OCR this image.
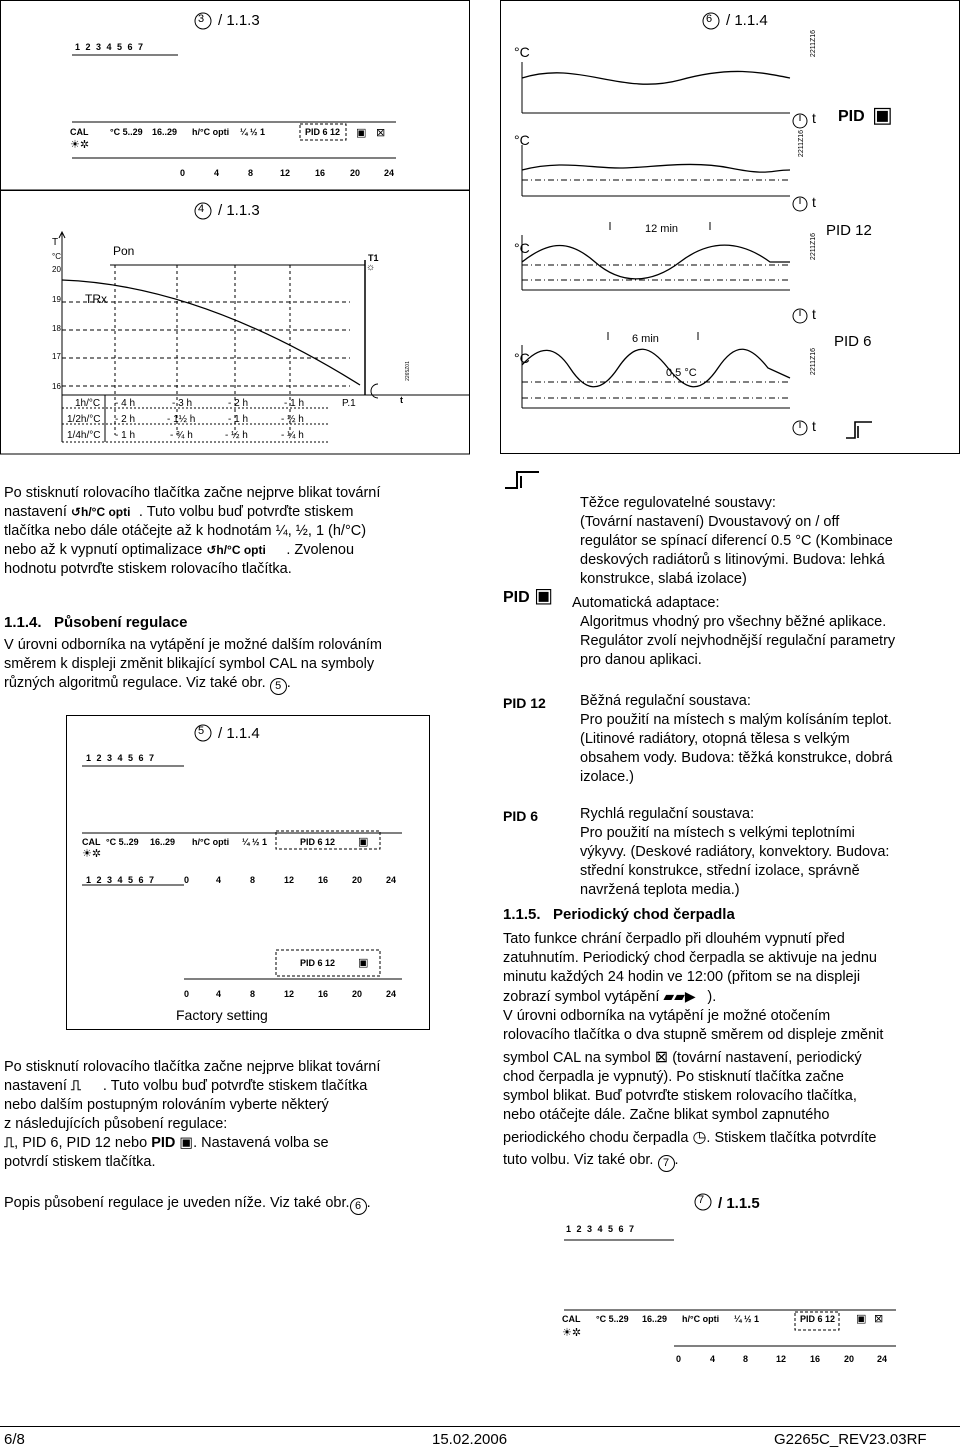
3 / 1.1.3
1 2 3 4 5 6 7
CAL °C 5..29 16..29 h/°C opti ¼ ½ 1	PID 6 12
☀✲
▣ ⊠
0	4	8	12	16	20	24
4 / 1.1.3
T
°C
20
19
18
17
16
Pon
TRx
T1
☼
t
2265Z01
P.1
1h/°C - 4 h	- 3 h	- 2 h	- 1 h
1/2h/°C - 2 h	- 1½ h	- 1 h	- ½ h
1/4h/°C - 1 h	- ¾ h	- ½ h	- ¼ h
6 / 1.1.4
°C
°C
°C
°C
t
t
t
t
2211Z16
2211Z16
2211Z16
2211Z16
PID ▣
PID 12
PID 6
12 min
6 min
0,5 °C
Po stisknutí rolovacího tlačítka začne nejprve blikat tovární
nastavení ↺h/°C opti . Tuto volbu buď potvrďte stiskem
tlačítka nebo dále otáčejte až k hodnotám ¼, ½, 1 (h/°C)
nebo až k vypnutí optimalizace ↺h/°C opti . Zvolenou
hodnotu potvrďte stiskem rolovacího tlačítka.
1.1.4. Působení regulace
V úrovni odborníka na vytápění je možné dalším rolováním
směrem k displeji změnit blikající symbol CAL na symboly
různých algoritmů regulace. Viz také obr. 5 .
5 / 1.1.4
1 2 3 4 5 6 7
CAL °C 5..29 16..29 h/°C opti ¼ ½ 1	PID 6 12 ▣
☀✲
1 2 3 4 5 6 7	0	4	8	12	16	20	24
PID 6 12 ▣
0	4	8	12	16	20	24
Factory setting
Po stisknutí rolovacího tlačítka začne nejprve blikat tovární
nastavení ⎍ . Tuto volbu buď potvrďte stiskem tlačítka
nebo dalším postupným rolováním vyberte některý
z následujících působení regulace:
⎍, PID 6, PID 12 nebo PID ▣. Nastavená volba se
potvrdí stiskem tlačítka.
Popis působení regulace je uveden níže. Viz také obr. 6 .
Těžce regulovatelné soustavy:
(Tovární nastavení) Dvoustavový on / off
regulátor se spínací diferencí 0.5 °C (Kombinace
deskových radiátorů s litinovými. Budova: lehká
konstrukce, slabá izolace)
PID ▣ Automatická adaptace:
Algoritmus vhodný pro všechny běžné aplikace.
Regulátor zvolí nejvhodnější regulační parametry
pro danou aplikaci.
PID 12 Běžná regulační soustava:
Pro použití na místech s malým kolísáním teplot.
(Litinové radiátory, otopná tělesa s velkým
obsahem vody. Budova: těžká konstrukce, dobrá
izolace.)
PID 6	Rychlá regulační soustava:
Pro použití na místech s velkými teplotními
výkyvy. (Deskové radiátory, konvektory. Budova:
střední konstrukce, střední izolace, správně
navržená teplota media.)
1.1.5. Periodický chod čerpadla
Tato funkce chrání čerpadlo při dlouhém vypnutí před
zatuhnutím. Periodický chod čerpadla se aktivuje na jednu
minutu každých 24 hodin ve 12:00 (přitom se na displeji
zobrazí symbol vytápění ▰▰▶ ).
V úrovni odborníka na vytápění je možné otočením
rolovacího tlačítka o dva stupně směrem od displeje změnit
symbol CAL na symbol ⊠ (tovární nastavení, periodický
chod čerpadla je vypnutý). Po stisknutí tlačítka začne
symbol blikat. Buď potvrďte stiskem rolovacího tlačítka,
nebo otáčejte dále. Začne blikat symbol zapnutého
periodického chodu čerpadla ◷. Stiskem tlačítka potvrdíte
tuto volbu. Viz také obr. 7 .
7 / 1.1.5
1 2 3 4 5 6 7
CAL °C 5..29 16..29 h/°C opti ¼ ½ 1	PID 6 12 ▣ ⊠
☀✲
0	4	8	12	16	20	24
6/8	15.02.2006	G2265C_REV23.03RF
